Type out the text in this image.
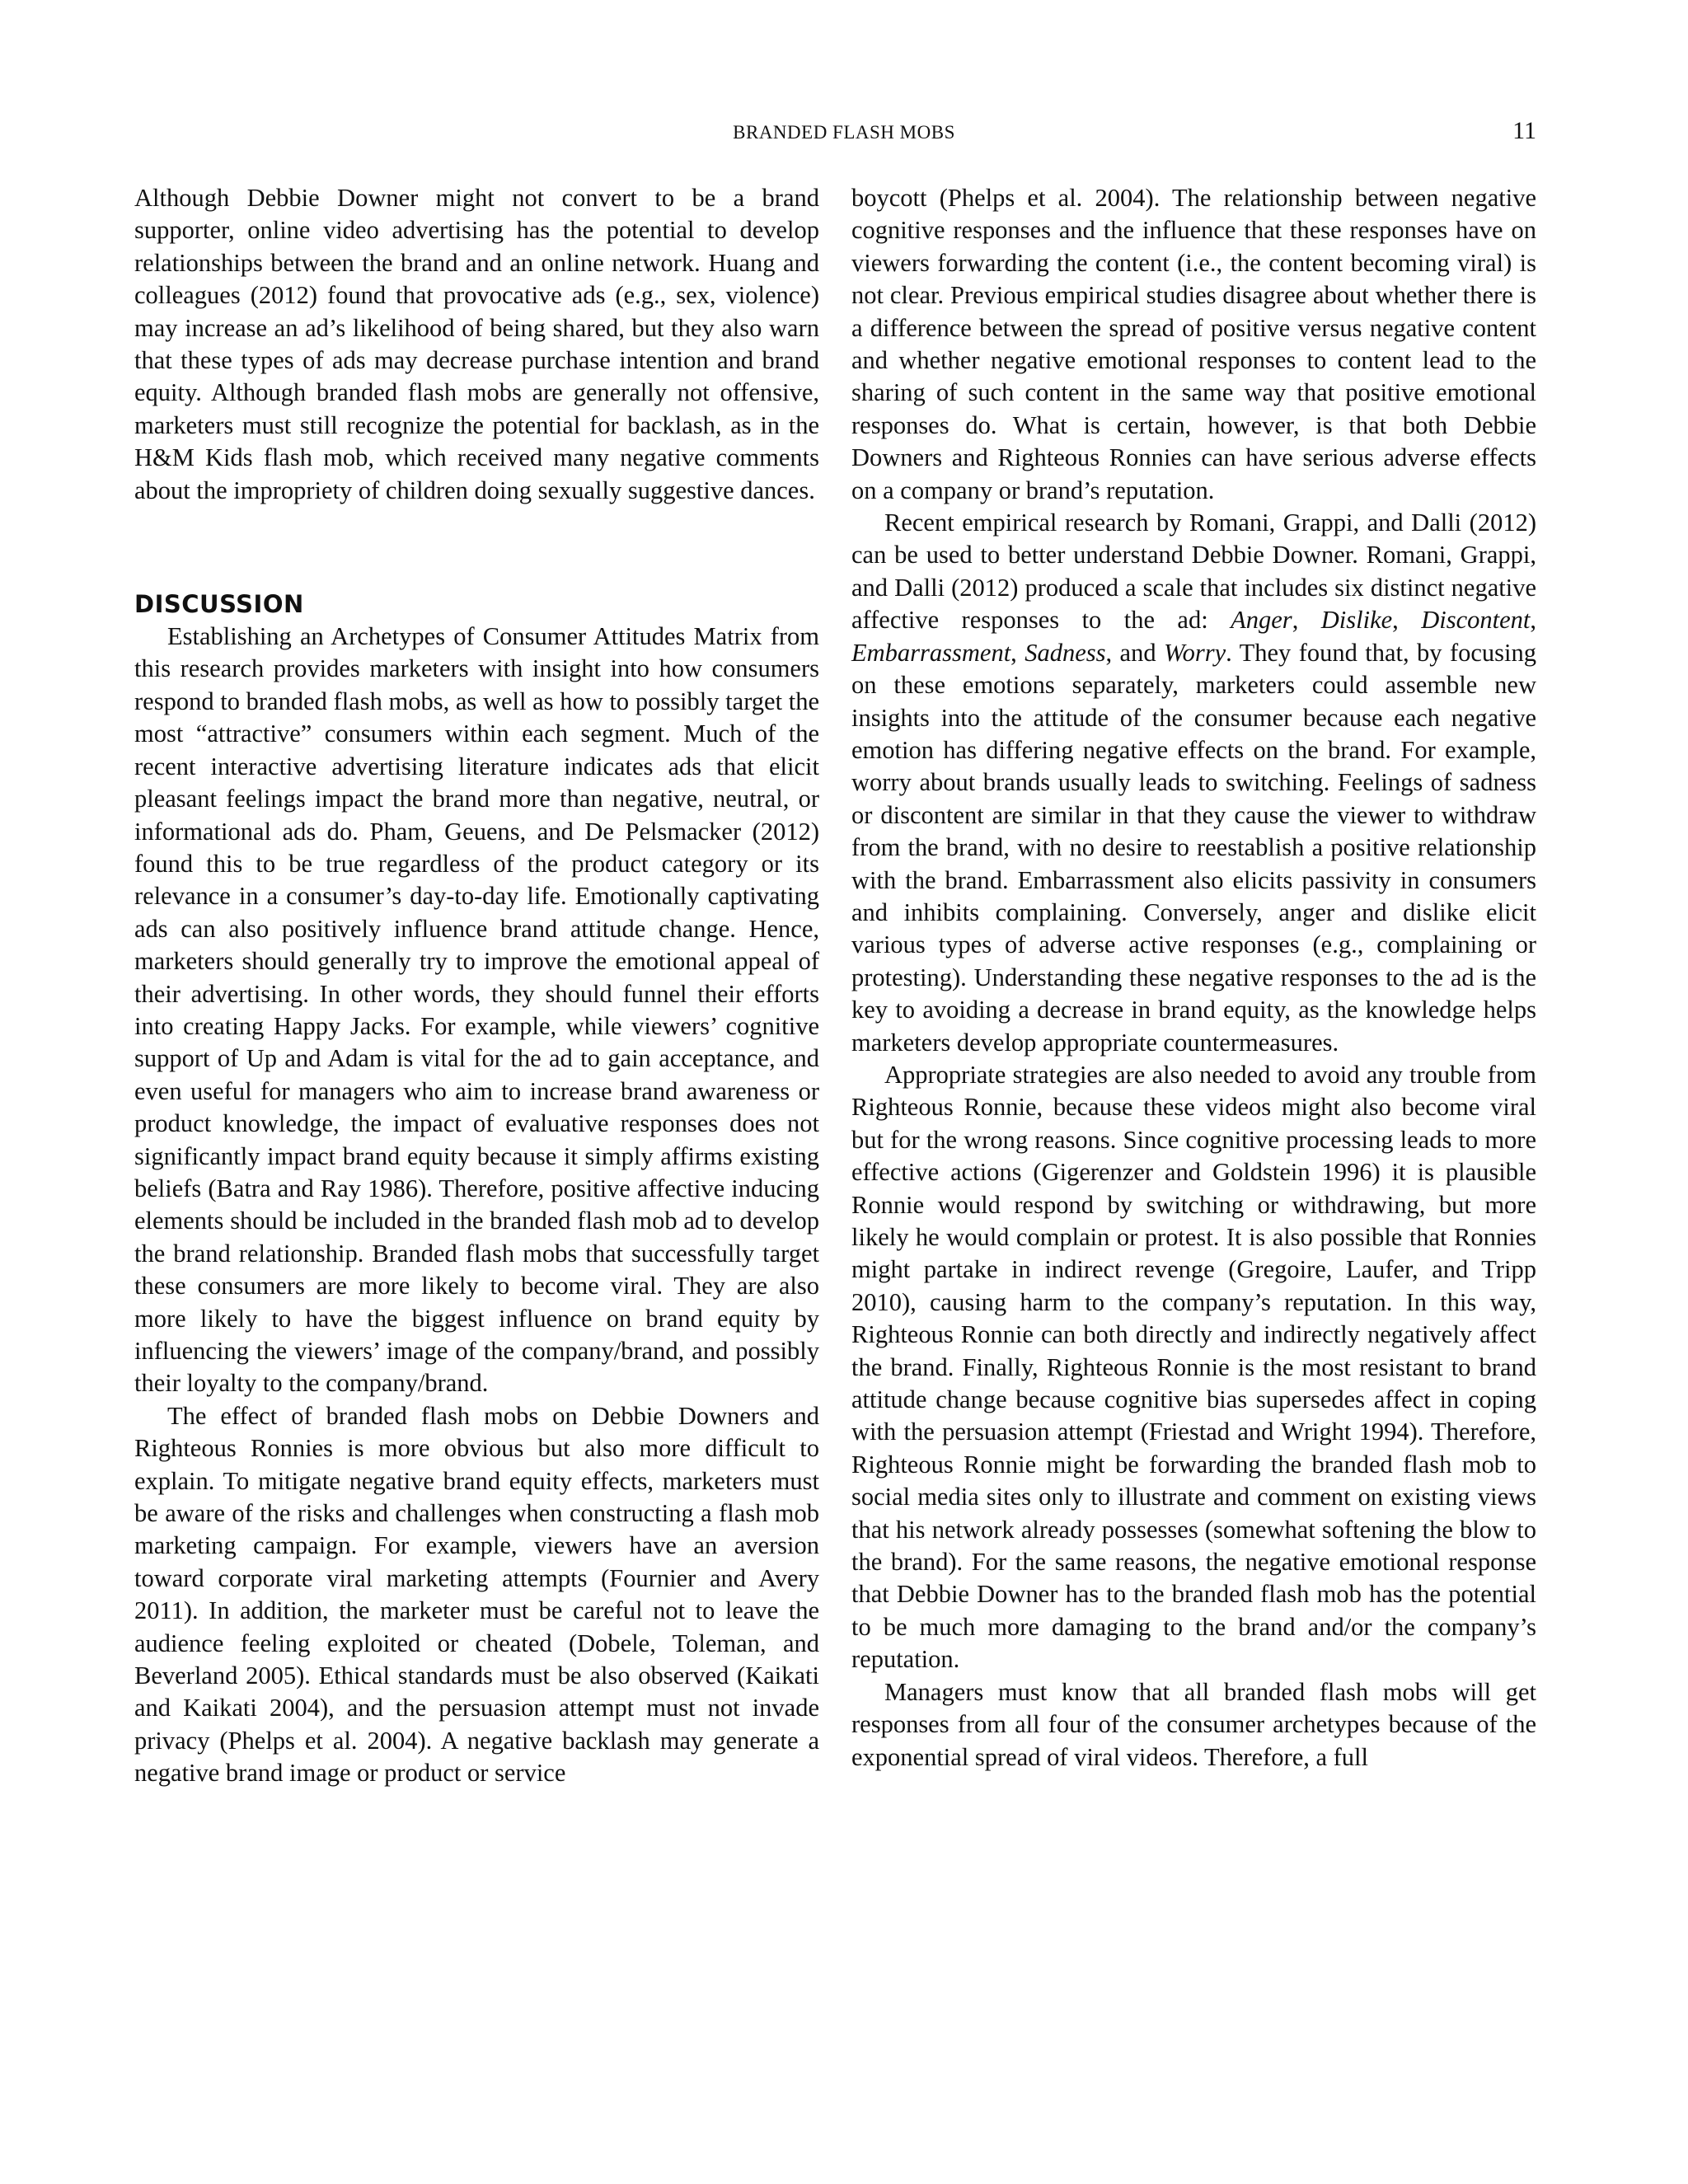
BRANDED FLASH MOBS	11

Although Debbie Downer might not convert to be a brand supporter, online video advertising has the potential to develop relationships between the brand and an online network. Huang and colleagues (2012) found that provocative ads (e.g., sex, violence) may increase an ad’s likelihood of being shared, but they also warn that these types of ads may decrease purchase intention and brand equity. Although branded flash mobs are generally not offensive, marketers must still recognize the potential for backlash, as in the H&M Kids flash mob, which received many negative comments about the impropriety of children doing sexually suggestive dances.

DISCUSSION

Establishing an Archetypes of Consumer Attitudes Matrix from this research provides marketers with insight into how consumers respond to branded flash mobs, as well as how to possibly target the most “attractive” consumers within each segment. Much of the recent interactive advertising literature indicates ads that elicit pleasant feelings impact the brand more than negative, neutral, or informational ads do. Pham, Geuens, and De Pelsmacker (2012) found this to be true regardless of the product category or its relevance in a consumer’s day-to-day life. Emotionally captivating ads can also positively influence brand attitude change. Hence, marketers should generally try to improve the emotional appeal of their advertising. In other words, they should funnel their efforts into creating Happy Jacks. For example, while viewers’ cognitive support of Up and Adam is vital for the ad to gain acceptance, and even useful for managers who aim to increase brand awareness or product knowledge, the impact of evaluative responses does not significantly impact brand equity because it simply affirms existing beliefs (Batra and Ray 1986). Therefore, positive affective inducing elements should be included in the branded flash mob ad to develop the brand relationship. Branded flash mobs that successfully target these consumers are more likely to become viral. They are also more likely to have the biggest influence on brand equity by influencing the viewers’ image of the company/brand, and possibly their loyalty to the company/brand.

The effect of branded flash mobs on Debbie Downers and Righteous Ronnies is more obvious but also more difficult to explain. To mitigate negative brand equity effects, marketers must be aware of the risks and challenges when constructing a flash mob marketing campaign. For example, viewers have an aversion toward corporate viral marketing attempts (Fournier and Avery 2011). In addition, the marketer must be careful not to leave the audience feeling exploited or cheated (Dobele, Toleman, and Beverland 2005). Ethical standards must be also observed (Kaikati and Kaikati 2004), and the persuasion attempt must not invade privacy (Phelps et al. 2004). A negative backlash may generate a negative brand image or product or service

boycott (Phelps et al. 2004). The relationship between negative cognitive responses and the influence that these responses have on viewers forwarding the content (i.e., the content becoming viral) is not clear. Previous empirical studies disagree about whether there is a difference between the spread of positive versus negative content and whether negative emotional responses to content lead to the sharing of such content in the same way that positive emotional responses do. What is certain, however, is that both Debbie Downers and Righteous Ronnies can have serious adverse effects on a company or brand’s reputation.

Recent empirical research by Romani, Grappi, and Dalli (2012) can be used to better understand Debbie Downer. Romani, Grappi, and Dalli (2012) produced a scale that includes six distinct negative affective responses to the ad: Anger, Dislike, Discontent, Embarrassment, Sadness, and Worry. They found that, by focusing on these emotions separately, marketers could assemble new insights into the attitude of the consumer because each negative emotion has differing negative effects on the brand. For example, worry about brands usually leads to switching. Feelings of sadness or discontent are similar in that they cause the viewer to withdraw from the brand, with no desire to reestablish a positive relationship with the brand. Embarrassment also elicits passivity in consumers and inhibits complaining. Conversely, anger and dislike elicit various types of adverse active responses (e.g., complaining or protesting). Understanding these negative responses to the ad is the key to avoiding a decrease in brand equity, as the knowledge helps marketers develop appropriate countermeasures.

Appropriate strategies are also needed to avoid any trouble from Righteous Ronnie, because these videos might also become viral but for the wrong reasons. Since cognitive processing leads to more effective actions (Gigerenzer and Goldstein 1996) it is plausible Ronnie would respond by switching or withdrawing, but more likely he would complain or protest. It is also possible that Ronnies might partake in indirect revenge (Gregoire, Laufer, and Tripp 2010), causing harm to the company’s reputation. In this way, Righteous Ronnie can both directly and indirectly negatively affect the brand. Finally, Righteous Ronnie is the most resistant to brand attitude change because cognitive bias supersedes affect in coping with the persuasion attempt (Friestad and Wright 1994). Therefore, Righteous Ronnie might be forwarding the branded flash mob to social media sites only to illustrate and comment on existing views that his network already possesses (somewhat softening the blow to the brand). For the same reasons, the negative emotional response that Debbie Downer has to the branded flash mob has the potential to be much more damaging to the brand and/or the company’s reputation.

Managers must know that all branded flash mobs will get responses from all four of the consumer archetypes because of the exponential spread of viral videos. Therefore, a full
